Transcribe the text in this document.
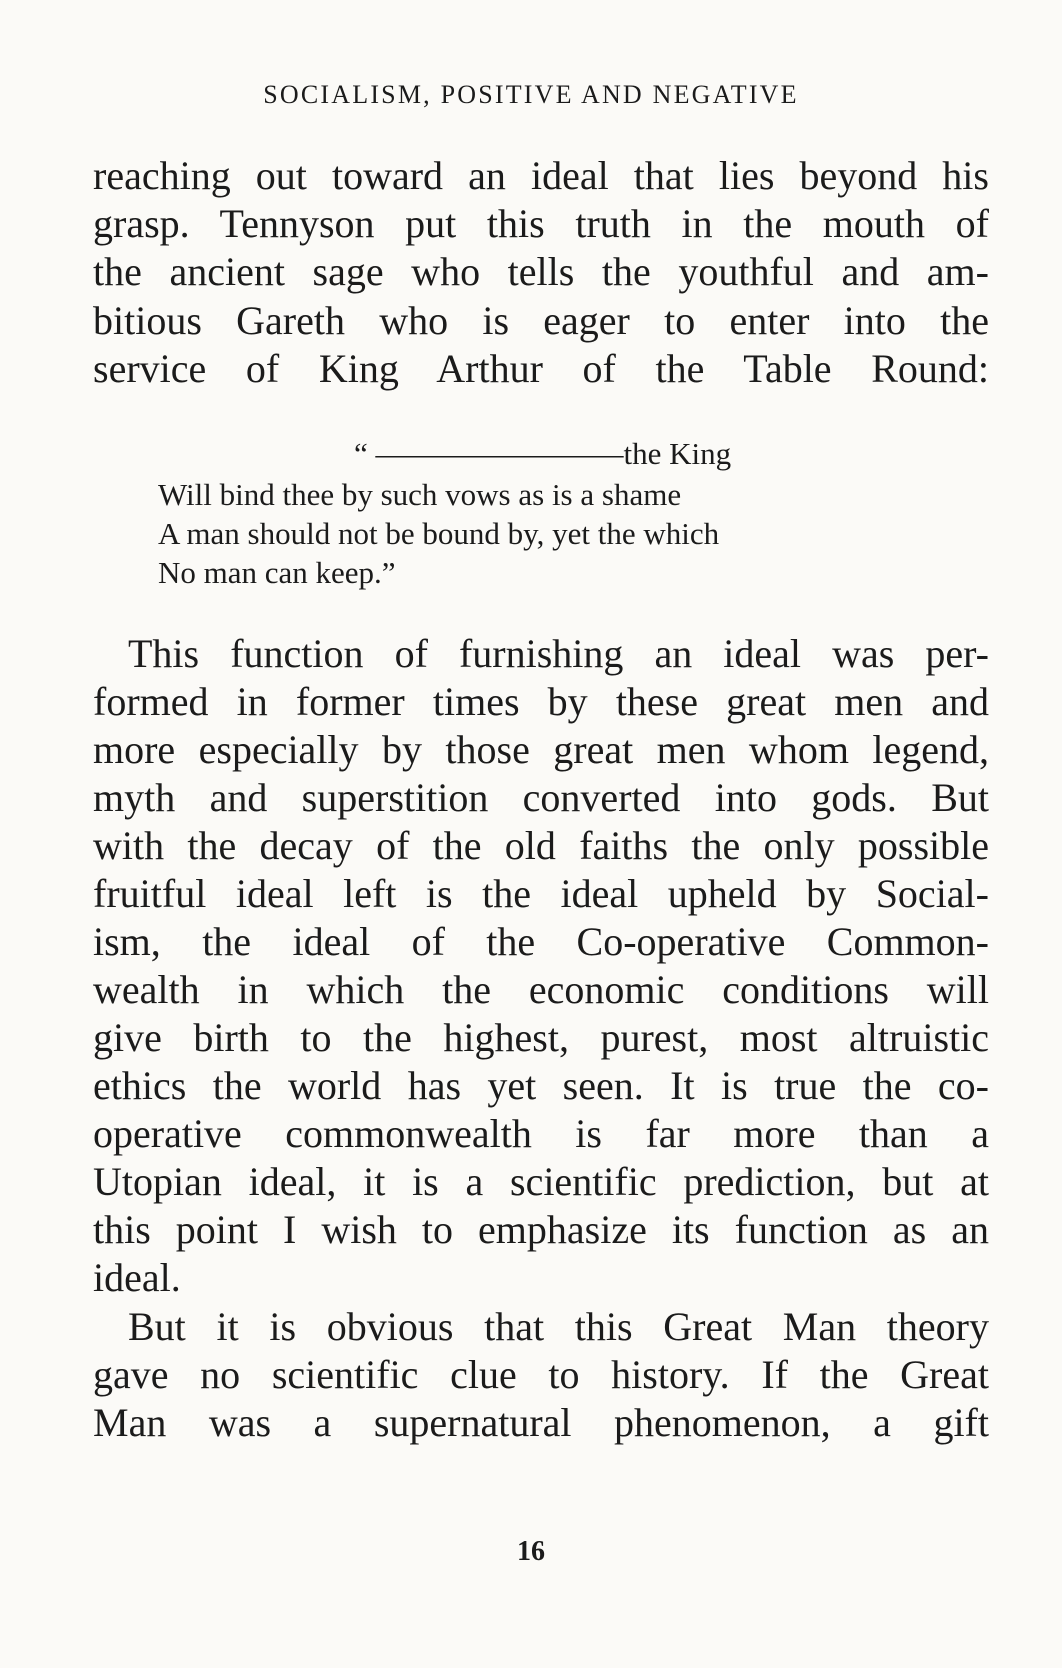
SOCIALISM, POSITIVE AND NEGATIVE
reaching out toward an ideal that lies beyond his
grasp. Tennyson put this truth in the mouth of
the ancient sage who tells the youthful and am-
bitious Gareth who is eager to enter into the
service of King Arthur of the Table Round:
“ ————————the King
Will bind thee by such vows as is a shame
A man should not be bound by, yet the which
No man can keep.”
This function of furnishing an ideal was per-
formed in former times by these great men and
more especially by those great men whom legend,
myth and superstition converted into gods. But
with the decay of the old faiths the only possible
fruitful ideal left is the ideal upheld by Social-
ism, the ideal of the Co-operative Common-
wealth in which the economic conditions will
give birth to the highest, purest, most altruistic
ethics the world has yet seen. It is true the co-
operative commonwealth is far more than a
Utopian ideal, it is a scientific prediction, but at
this point I wish to emphasize its function as an
ideal.
But it is obvious that this Great Man theory
gave no scientific clue to history. If the Great
Man was a supernatural phenomenon, a gift
16
